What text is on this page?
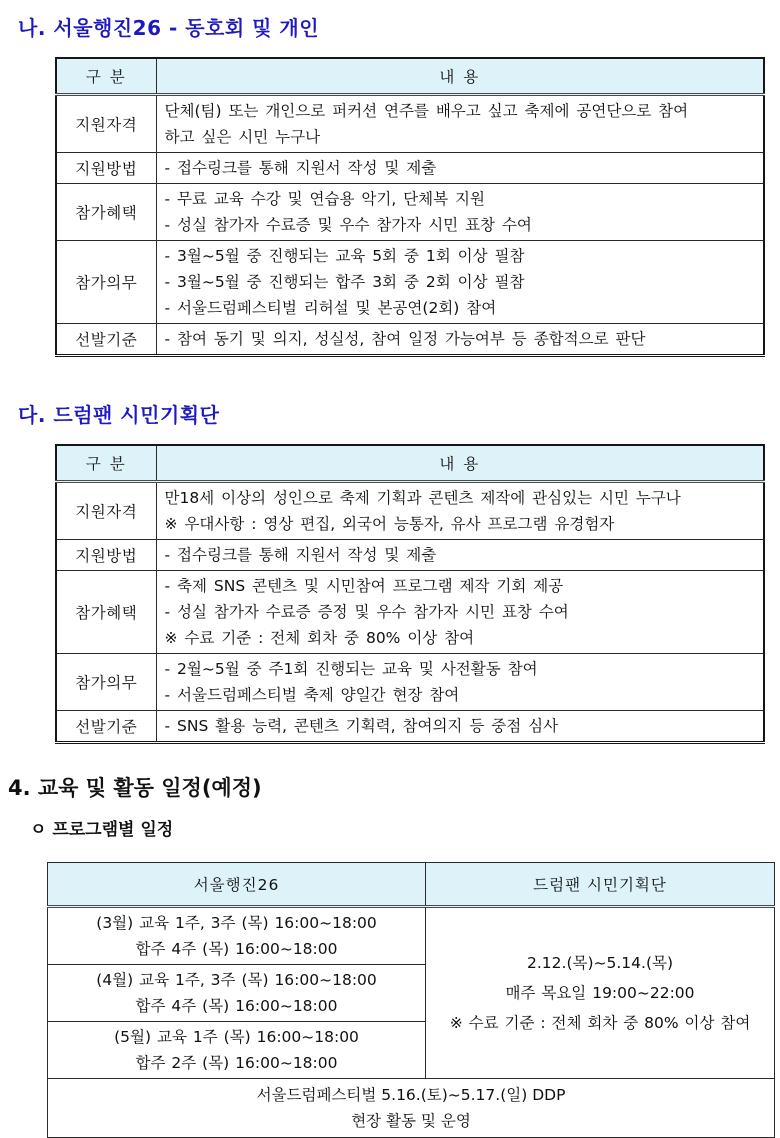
나. 서울행진26 - 동호회 및 개인
구 분	내 용
지원자격	단체(팀) 또는 개인으로 퍼커션 연주를 배우고 싶고 축제에 공연단으로 참여
하고 싶은 시민 누구나

지원방법	- 접수링크를 통해 지원서 작성 및 제출

참가혜택	- 무료 교육 수강 및 연습용 악기, 단체복 지원
- 성실 참가자 수료증 및 우수 참가자 시민 표창 수여

참가의무	- 3월~5월 중 진행되는 교육 5회 중 1회 이상 필참
- 3월~5월 중 진행되는 합주 3회 중 2회 이상 필참
- 서울드럼페스티벌 리허설 및 본공연(2회) 참여

선발기준	- 참여 동기 및 의지, 성실성, 참여 일정 가능여부 등 종합적으로 판단
다. 드럼팬 시민기획단
구 분	내 용
지원자격	만18세 이상의 성인으로 축제 기획과 콘텐츠 제작에 관심있는 시민 누구나
※ 우대사항 : 영상 편집, 외국어 능통자, 유사 프로그램 유경험자

지원방법	- 접수링크를 통해 지원서 작성 및 제출

참가혜택	- 축제 SNS 콘텐츠 및 시민참여 프로그램 제작 기회 제공
- 성실 참가자 수료증 증정 및 우수 참가자 시민 표창 수여
※ 수료 기준 : 전체 회차 중 80% 이상 참여

참가의무	- 2월~5월 중 주1회 진행되는 교육 및 사전활동 참여
- 서울드럼페스티벌 축제 양일간 현장 참여

선발기준	- SNS 활용 능력, 콘텐츠 기획력, 참여의지 등 중점 심사
4. 교육 및 활동 일정(예정)
ㅇ 프로그램별 일정
서울행진26	드럼팬 시민기획단

(3월) 교육 1주, 3주 (목) 16:00~18:00
합주 4주 (목) 16:00~18:00

2.12.(목)~5.14.(목)
매주 목요일 19:00~22:00
※ 수료 기준 : 전체 회차 중 80% 이상 참여

(4월) 교육 1주, 3주 (목) 16:00~18:00
합주 4주 (목) 16:00~18:00	

(5월) 교육 1주 (목) 16:00~18:00
합주 2주 (목) 16:00~18:00	

서울드럼페스티벌 5.16.(토)~5.17.(일) DDP
현장 활동 및 운영	
